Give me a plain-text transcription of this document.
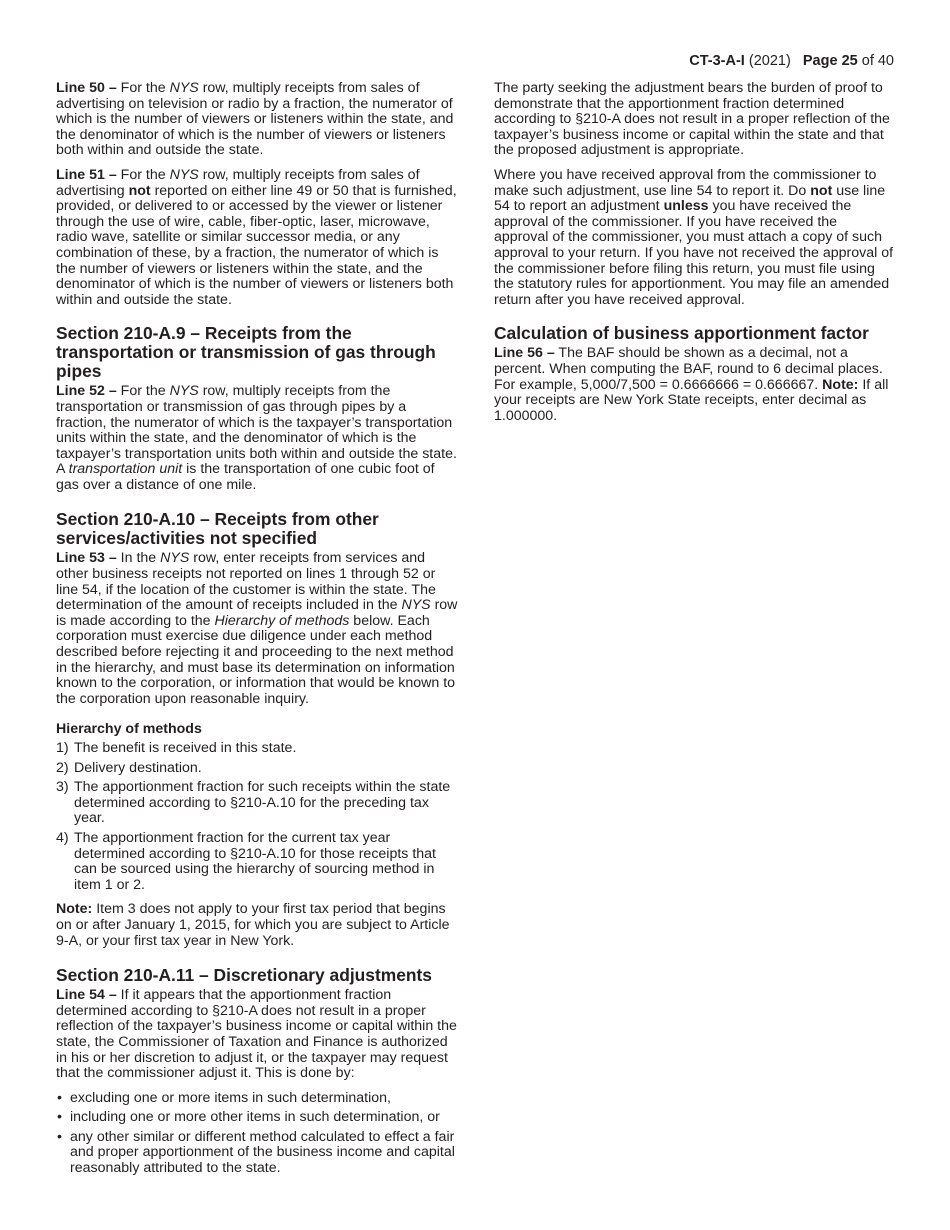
CT-3-A-I (2021) Page 25 of 40

Line 50 – For the NYS row, multiply receipts from sales of advertising on television or radio by a fraction, the numerator of which is the number of viewers or listeners within the state, and the denominator of which is the number of viewers or listeners both within and outside the state.

Line 51 – For the NYS row, multiply receipts from sales of advertising not reported on either line 49 or 50 that is furnished, provided, or delivered to or accessed by the viewer or listener through the use of wire, cable, fiber-optic, laser, microwave, radio wave, satellite or similar successor media, or any combination of these, by a fraction, the numerator of which is the number of viewers or listeners within the state, and the denominator of which is the number of viewers or listeners both within and outside the state.

Section 210-A.9 – Receipts from the transportation or transmission of gas through pipes

Line 52 – For the NYS row, multiply receipts from the transportation or transmission of gas through pipes by a fraction, the numerator of which is the taxpayer’s transportation units within the state, and the denominator of which is the taxpayer’s transportation units both within and outside the state. A transportation unit is the transportation of one cubic foot of gas over a distance of one mile.

Section 210-A.10 – Receipts from other services/activities not specified

Line 53 – In the NYS row, enter receipts from services and other business receipts not reported on lines 1 through 52 or line 54, if the location of the customer is within the state. The determination of the amount of receipts included in the NYS row is made according to the Hierarchy of methods below. Each corporation must exercise due diligence under each method described before rejecting it and proceeding to the next method in the hierarchy, and must base its determination on information known to the corporation, or information that would be known to the corporation upon reasonable inquiry.

Hierarchy of methods
1) The benefit is received in this state.
2) Delivery destination.
3) The apportionment fraction for such receipts within the state determined according to §210-A.10 for the preceding tax year.
4) The apportionment fraction for the current tax year determined according to §210-A.10 for those receipts that can be sourced using the hierarchy of sourcing method in item 1 or 2.

Note: Item 3 does not apply to your first tax period that begins on or after January 1, 2015, for which you are subject to Article 9-A, or your first tax year in New York.

Section 210-A.11 – Discretionary adjustments

Line 54 – If it appears that the apportionment fraction determined according to §210-A does not result in a proper reflection of the taxpayer’s business income or capital within the state, the Commissioner of Taxation and Finance is authorized in his or her discretion to adjust it, or the taxpayer may request that the commissioner adjust it. This is done by:

• excluding one or more items in such determination,
• including one or more other items in such determination, or
• any other similar or different method calculated to effect a fair and proper apportionment of the business income and capital reasonably attributed to the state.

The party seeking the adjustment bears the burden of proof to demonstrate that the apportionment fraction determined according to §210-A does not result in a proper reflection of the taxpayer’s business income or capital within the state and that the proposed adjustment is appropriate.

Where you have received approval from the commissioner to make such adjustment, use line 54 to report it. Do not use line 54 to report an adjustment unless you have received the approval of the commissioner. If you have received the approval of the commissioner, you must attach a copy of such approval to your return. If you have not received the approval of the commissioner before filing this return, you must file using the statutory rules for apportionment. You may file an amended return after you have received approval.

Calculation of business apportionment factor

Line 56 – The BAF should be shown as a decimal, not a percent. When computing the BAF, round to 6 decimal places. For example, 5,000/7,500 = 0.6666666 = 0.666667. Note: If all your receipts are New York State receipts, enter decimal as 1.000000.
